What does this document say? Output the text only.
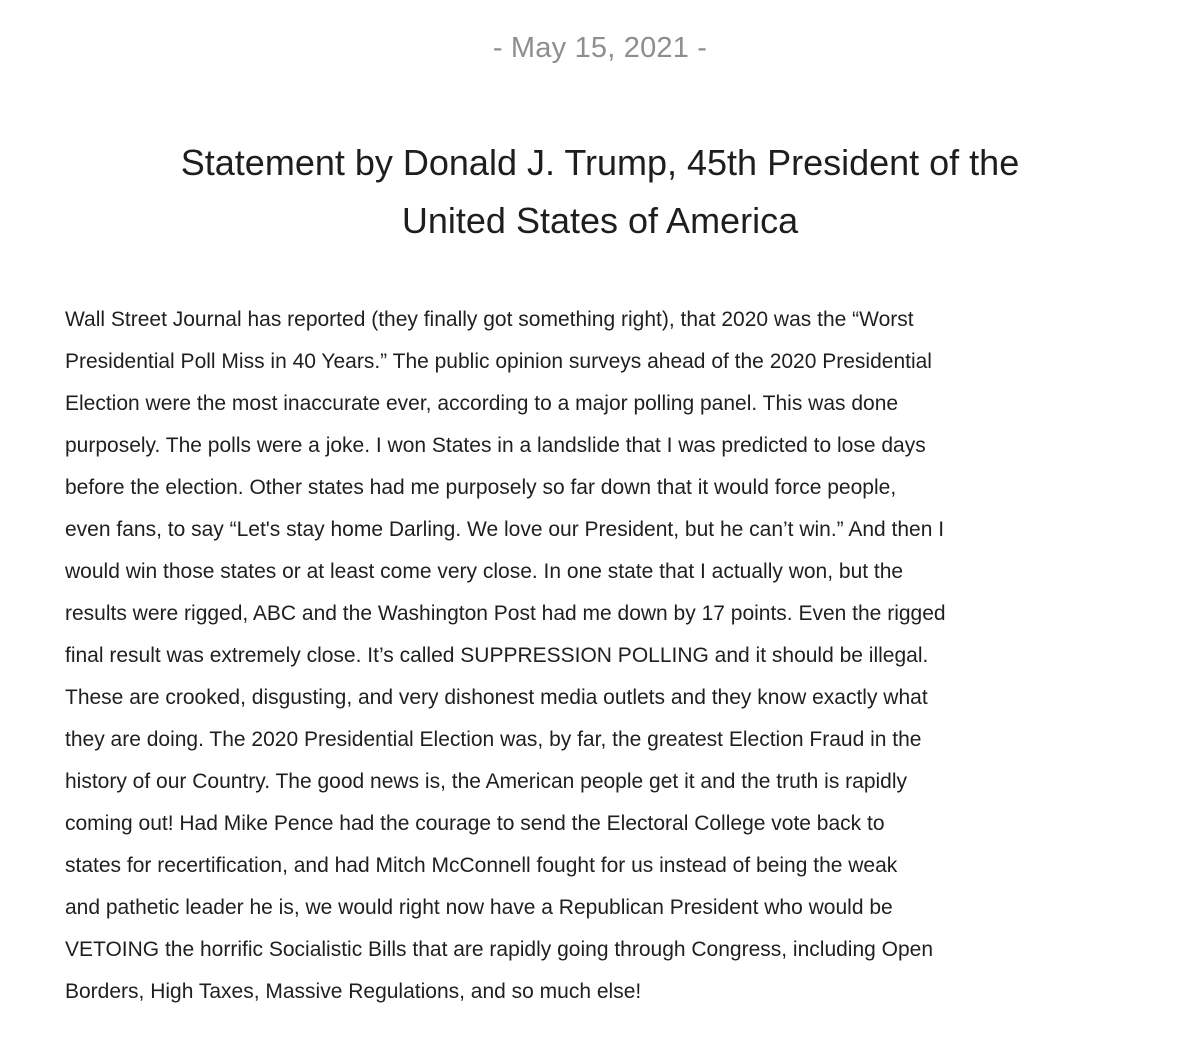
- May 15, 2021 -
Statement by Donald J. Trump, 45th President of the
United States of America
Wall Street Journal has reported (they finally got something right), that 2020 was the “Worst
Presidential Poll Miss in 40 Years.” The public opinion surveys ahead of the 2020 Presidential
Election were the most inaccurate ever, according to a major polling panel. This was done
purposely. The polls were a joke. I won States in a landslide that I was predicted to lose days
before the election. Other states had me purposely so far down that it would force people,
even fans, to say “Let's stay home Darling. We love our President, but he can’t win.” And then I
would win those states or at least come very close. In one state that I actually won, but the
results were rigged, ABC and the Washington Post had me down by 17 points. Even the rigged
final result was extremely close. It’s called SUPPRESSION POLLING and it should be illegal.
These are crooked, disgusting, and very dishonest media outlets and they know exactly what
they are doing. The 2020 Presidential Election was, by far, the greatest Election Fraud in the
history of our Country. The good news is, the American people get it and the truth is rapidly
coming out! Had Mike Pence had the courage to send the Electoral College vote back to
states for recertification, and had Mitch McConnell fought for us instead of being the weak
and pathetic leader he is, we would right now have a Republican President who would be
VETOING the horrific Socialistic Bills that are rapidly going through Congress, including Open
Borders, High Taxes, Massive Regulations, and so much else!
